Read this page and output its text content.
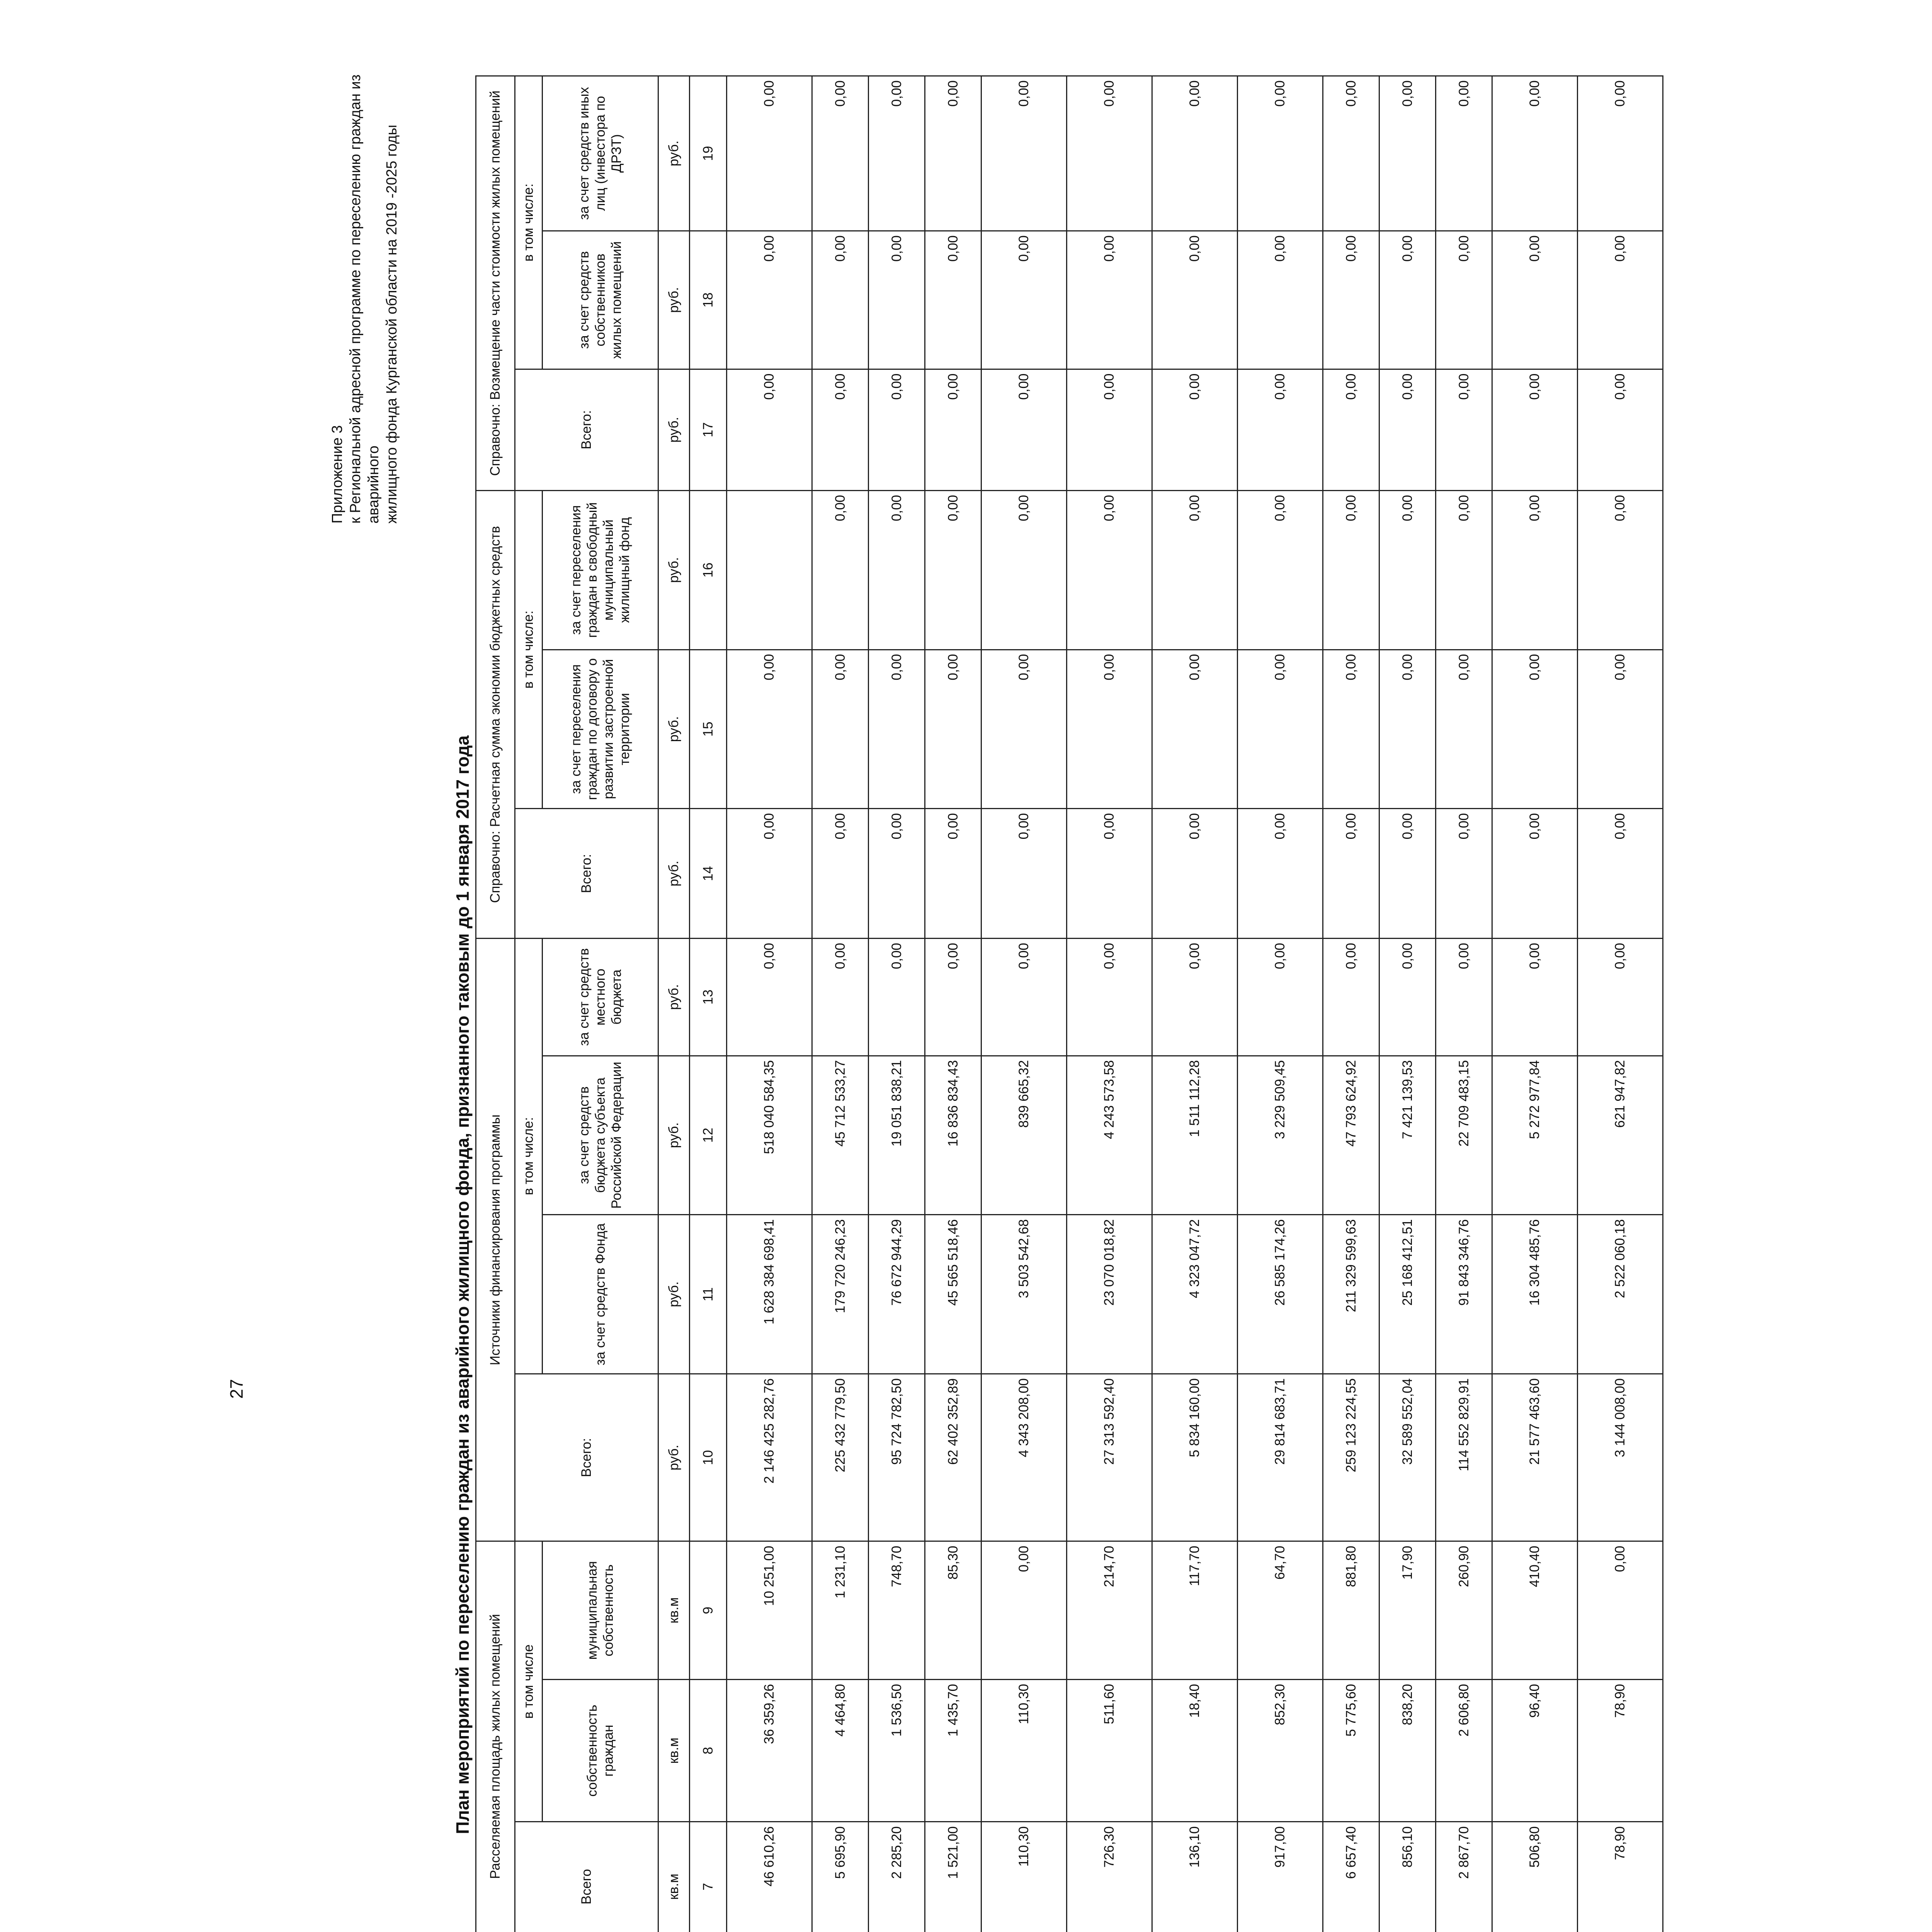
27
Приложение 3 к Региональной адресной программе по переселению граждан из аварийного жилищного фонда Курганской области на 2019 -2025 годы
План мероприятий по переселению граждан из аварийного жилищного фонда, признанного таковым до 1 января 2017 года
				Расселяемая площадь жилых помещений			Источники финансирования программы				Справочно: Расчетная сумма экономии бюджетных средств			Справочно: Возмещение части стоимости жилых помещений		
		Всего	в том числе		Всего:	в том числе:			Всего:	в том числе:		Всего:	в том числе:	
		собственность граждан	муниципальная собственность		за счет средств Фонда	за счет средств бюджета субъекта Российской Федерации	за счет средств местного бюджета		за счет переселения граждан по договору о развитии застроенной территории	за счет переселения граждан в свободный муниципальный жилищный фонд		за счет средств собственников жилых помещений	за счет средств иных лиц (инвестора по ДРЗТ)
						кв.м	кв.м	кв.м	руб.	руб.	руб.	руб.	руб.	руб.	руб.	руб.	руб.	руб.
						7	8	9	10	11	12	13	14	15	16	17	18	19
						46 610,26	36 359,26	10 251,00	2 146 425 282,76	1 628 384 698,41	518 040 584,35	0,00	0,00	0,00		0,00	0,00	0,00
						5 695,90	4 464,80	1 231,10	225 432 779,50	179 720 246,23	45 712 533,27	0,00	0,00	0,00	0,00	0,00	0,00	0,00
						2 285,20	1 536,50	748,70	95 724 782,50	76 672 944,29	19 051 838,21	0,00	0,00	0,00	0,00	0,00	0,00	0,00
						1 521,00	1 435,70	85,30	62 402 352,89	45 565 518,46	16 836 834,43	0,00	0,00	0,00	0,00	0,00	0,00	0,00
						110,30	110,30	0,00	4 343 208,00	3 503 542,68	839 665,32	0,00	0,00	0,00	0,00	0,00	0,00	0,00
						726,30	511,60	214,70	27 313 592,40	23 070 018,82	4 243 573,58	0,00	0,00	0,00	0,00	0,00	0,00	0,00
						136,10	18,40	117,70	5 834 160,00	4 323 047,72	1 511 112,28	0,00	0,00	0,00	0,00	0,00	0,00	0,00
						917,00	852,30	64,70	29 814 683,71	26 585 174,26	3 229 509,45	0,00	0,00	0,00	0,00	0,00	0,00	0,00
						6 657,40	5 775,60	881,80	259 123 224,55	211 329 599,63	47 793 624,92	0,00	0,00	0,00	0,00	0,00	0,00	0,00
						856,10	838,20	17,90	32 589 552,04	25 168 412,51	7 421 139,53	0,00	0,00	0,00	0,00	0,00	0,00	0,00
						2 867,70	2 606,80	260,90	114 552 829,91	91 843 346,76	22 709 483,15	0,00	0,00	0,00	0,00	0,00	0,00	0,00
						506,80	96,40	410,40	21 577 463,60	16 304 485,76	5 272 977,84	0,00	0,00	0,00	0,00	0,00	0,00	0,00
						78,90	78,90	0,00	3 144 008,00	2 522 060,18	621 947,82	0,00	0,00	0,00	0,00	0,00	0,00	0,00
